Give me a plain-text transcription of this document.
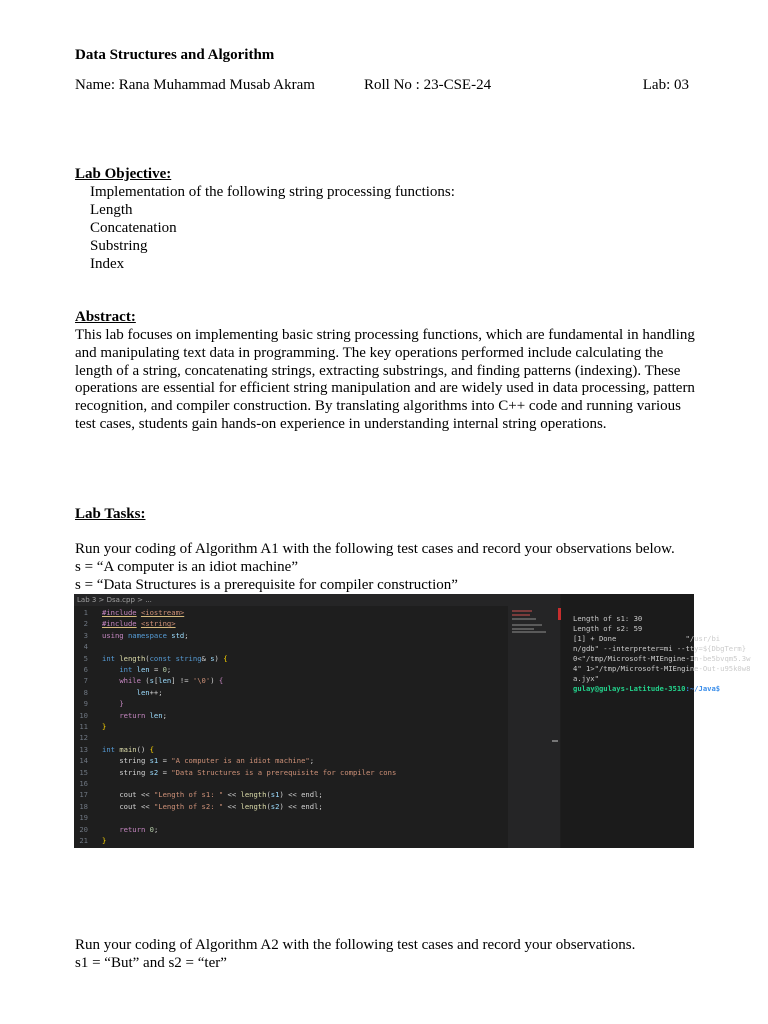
Data Structures and Algorithm
Name: Rana Muhammad Musab Akram	Roll No : 23-CSE-24	Lab: 03
Lab Objective:
Implementation of the following string processing functions:
Length
Concatenation
Substring
Index
Abstract:
This lab focuses on implementing basic string processing functions, which are fundamental in handling and manipulating text data in programming. The key operations performed include calculating the length of a string, concatenating strings, extracting substrings, and finding patterns (indexing). These operations are essential for efficient string manipulation and are widely used in data processing, pattern recognition, and compiler construction. By translating algorithms into C++ code and running various test cases, students gain hands-on experience in understanding internal string operations.
Lab Tasks:
Run your coding of Algorithm A1 with the following test cases and record your observations below.
s = “A computer is an idiot machine”
s = “Data Structures is a prerequisite for compiler construction”
Lab 3 > Dsa.cpp > ...
1 #include <iostream>
2 #include <string>
3 using namespace std;
4
5 int length(const string& s) {
6	int len = 0;
7	while (s[len] != '\0') {
8	len++;
9	}
10	return len;
11 }
12
13 int main() {
14	string s1 = "A computer is an idiot machine";
15	string s2 = "Data Structures is a prerequisite for compiler cons
16
17	cout << "Length of s1: " << length(s1) << endl;
18	cout << "Length of s2: " << length(s2) << endl;
19
20	return 0;
21 }
Length of s1: 30
Length of s2: 59
[1] + Done                "/usr/bi
n/gdb" --interpreter=mi --tty=${DbgTerm}
0<"/tmp/Microsoft-MIEngine-In-be5bvqm5.3w
4" 1>"/tmp/Microsoft-MIEngine-Out-u95k0w8
a.jyx"
gulay@gulays-Latitude-3510:~/Java$
Run your coding of Algorithm A2 with the following test cases and record your observations.
s1 = “But” and s2 = “ter”
